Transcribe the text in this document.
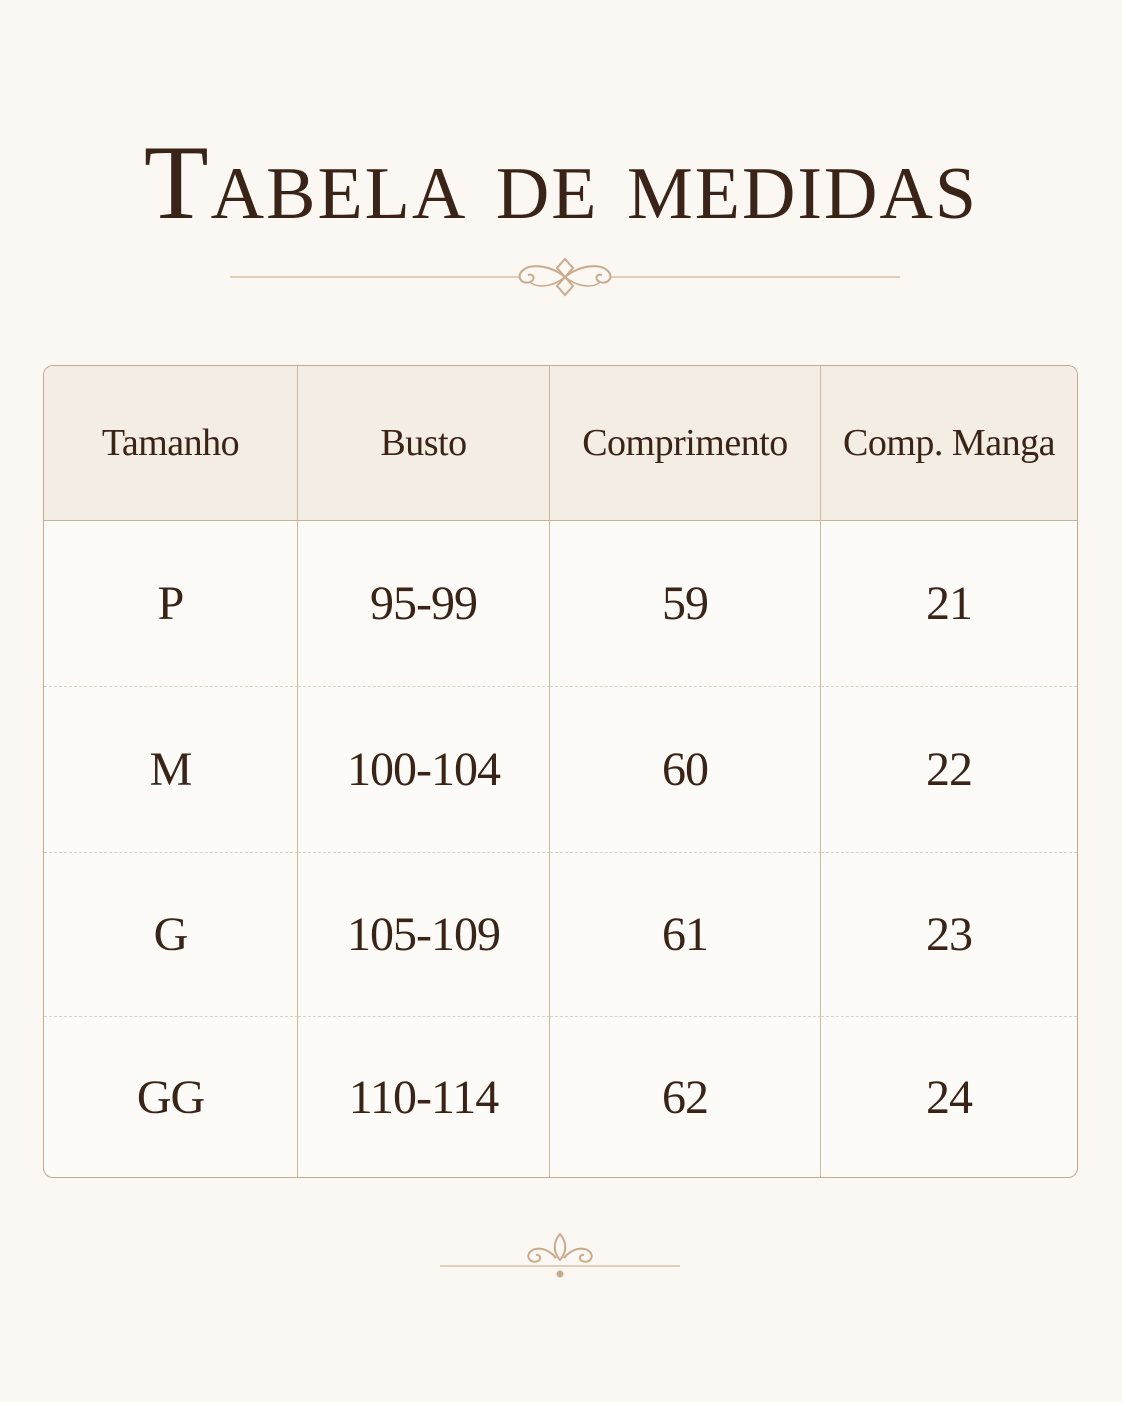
Tabela de medidas
Tamanho	Busto	Comprimento	Comp. Manga
P	95-99	59	21
M	100-104	60	22
G	105-109	61	23
GG	110-114	62	24
